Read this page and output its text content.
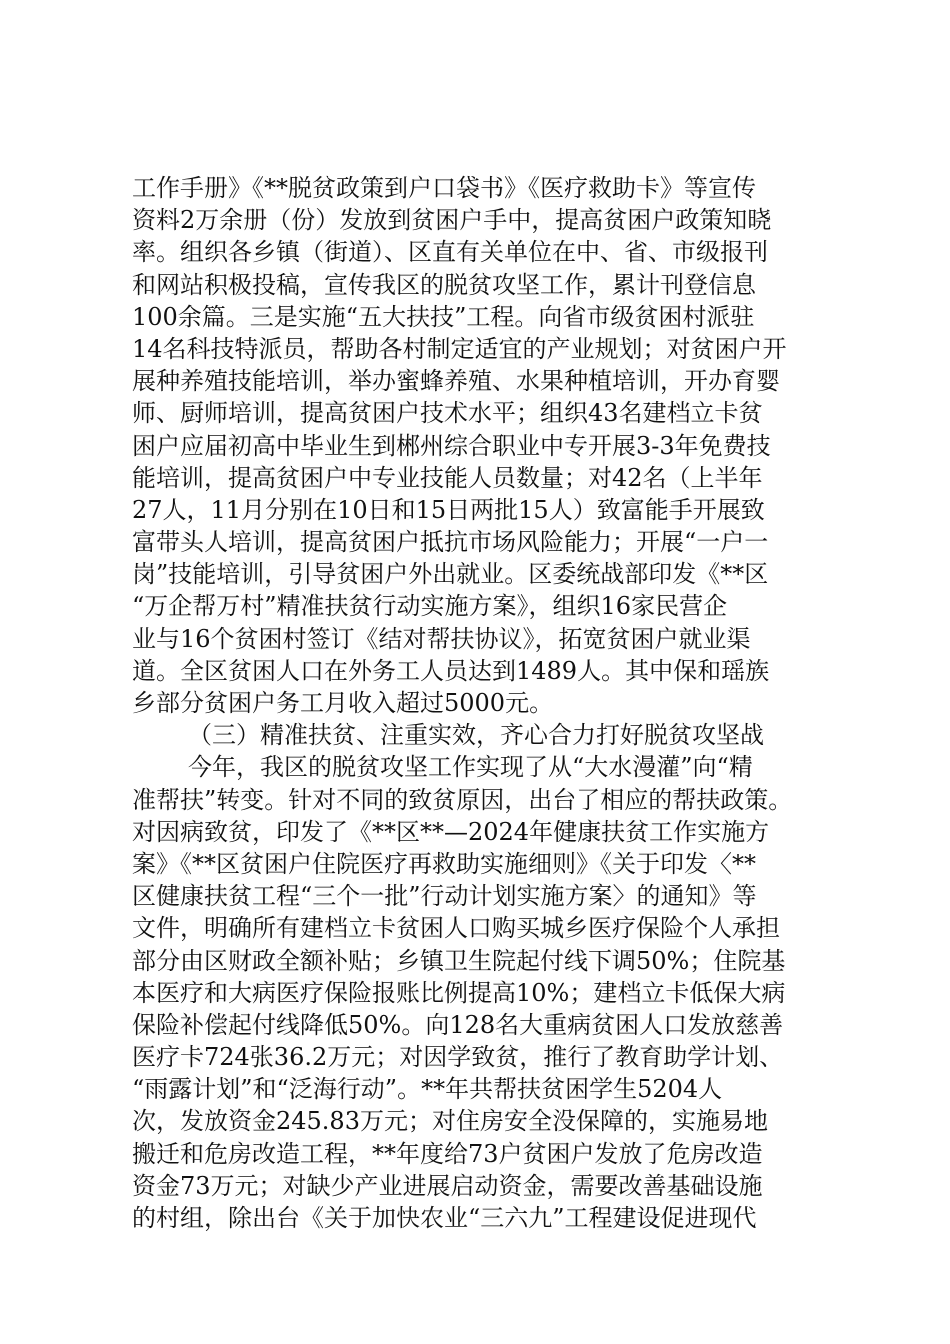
工作手册》《**脱贫政策到户口袋书》《医疗救助卡》等宣传
资料2万余册（份）发放到贫困户手中，提高贫困户政策知晓
率。组织各乡镇（街道）、区直有关单位在中、省、市级报刊
和网站积极投稿，宣传我区的脱贫攻坚工作，累计刊登信息
100余篇。三是实施“五大扶技”工程。向省市级贫困村派驻
14名科技特派员，帮助各村制定适宜的产业规划；对贫困户开
展种养殖技能培训，举办蜜蜂养殖、水果种植培训，开办育婴
师、厨师培训，提高贫困户技术水平；组织43名建档立卡贫
困户应届初高中毕业生到郴州综合职业中专开展3-3年免费技
能培训，提高贫困户中专业技能人员数量；对42名（上半年
27人，11月分别在10日和15日两批15人）致富能手开展致
富带头人培训，提高贫困户抵抗市场风险能力；开展“一户一
岗”技能培训，引导贫困户外出就业。区委统战部印发《**区
“万企帮万村”精准扶贫行动实施方案》，组织16家民营企
业与16个贫困村签订《结对帮扶协议》，拓宽贫困户就业渠
道。全区贫困人口在外务工人员达到1489人。其中保和瑶族
乡部分贫困户务工月收入超过5000元。
（三）精准扶贫、注重实效，齐心合力打好脱贫攻坚战
今年，我区的脱贫攻坚工作实现了从“大水漫灌”向“精
准帮扶”转变。针对不同的致贫原因，出台了相应的帮扶政策。
对因病致贫，印发了《**区**—2024年健康扶贫工作实施方
案》《**区贫困户住院医疗再救助实施细则》《关于印发〈**
区健康扶贫工程“三个一批”行动计划实施方案〉的通知》等
文件，明确所有建档立卡贫困人口购买城乡医疗保险个人承担
部分由区财政全额补贴；乡镇卫生院起付线下调50%；住院基
本医疗和大病医疗保险报账比例提高10%；建档立卡低保大病
保险补偿起付线降低50%。向128名大重病贫困人口发放慈善
医疗卡724张36.2万元；对因学致贫，推行了教育助学计划、
“雨露计划”和“泛海行动”。**年共帮扶贫困学生5204人
次，发放资金245.83万元；对住房安全没保障的，实施易地
搬迁和危房改造工程，**年度给73户贫困户发放了危房改造
资金73万元；对缺少产业进展启动资金，需要改善基础设施
的村组，除出台《关于加快农业“三六九”工程建设促进现代
